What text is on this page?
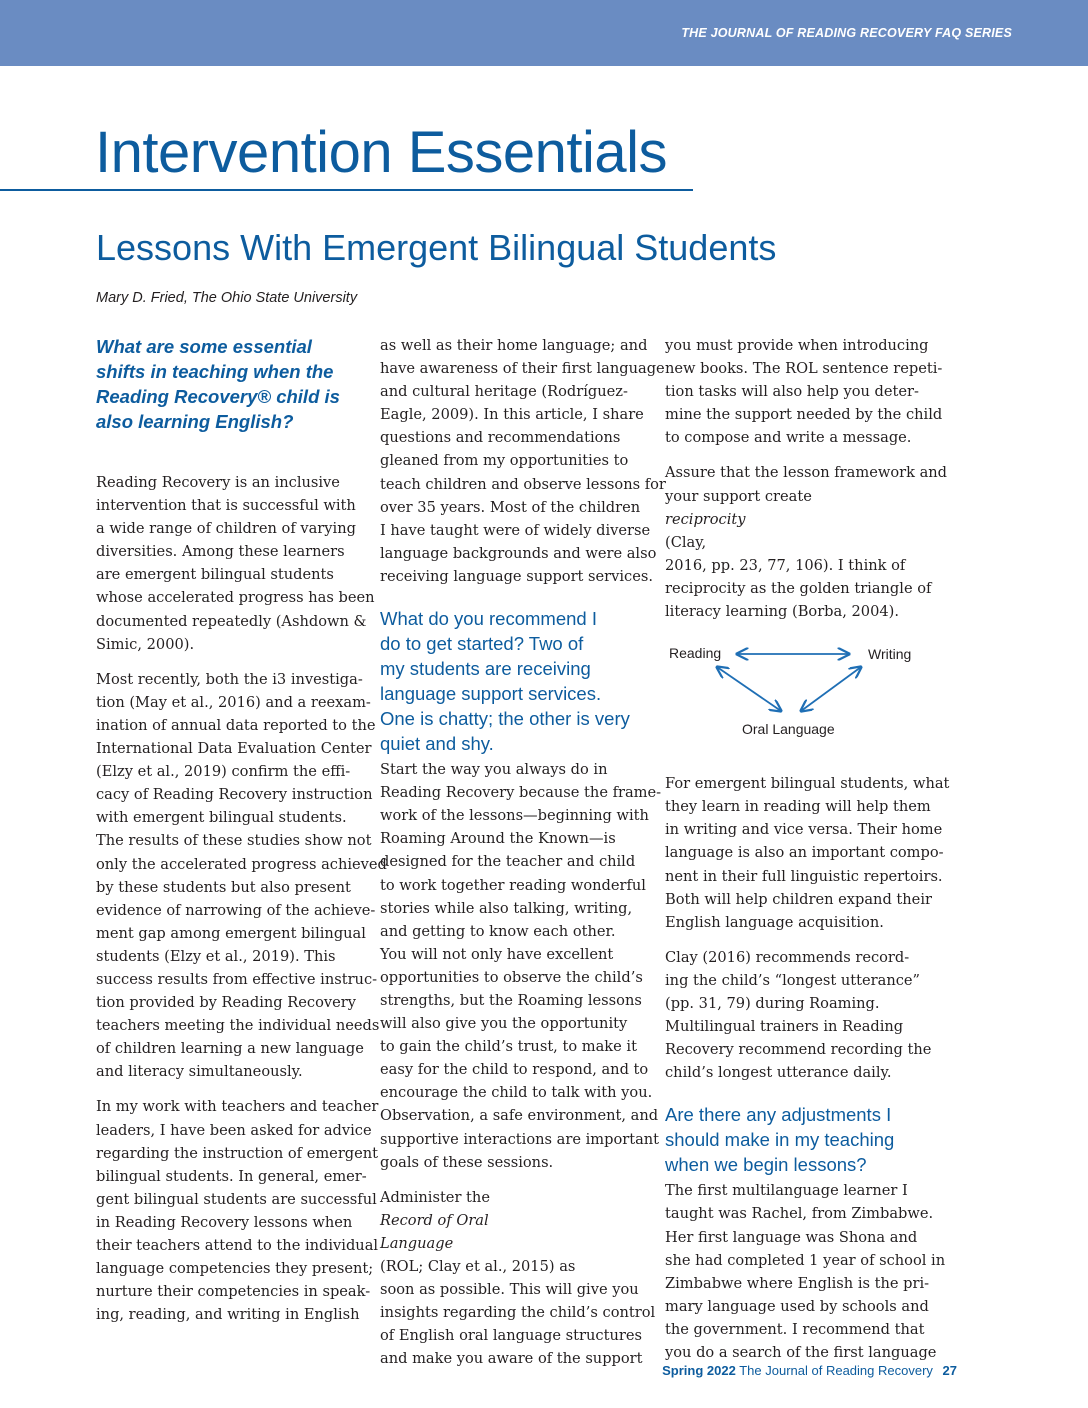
THE JOURNAL OF READING RECOVERY FAQ SERIES
Intervention Essentials
Lessons With Emergent Bilingual Students
Mary D. Fried, The Ohio State University
What are some essential
shifts in teaching when the
Reading Recovery® child is
also learning English?

Reading Recovery is an inclusive
intervention that is successful with
a wide range of children of varying
diversities. Among these learners
are emergent bilingual students
whose accelerated progress has been
documented repeatedly (Ashdown &
Simic, 2000).

Most recently, both the i3 investiga-
tion (May et al., 2016) and a reexam-
ination of annual data reported to the
International Data Evaluation Center
(Elzy et al., 2019) confirm the effi-
cacy of Reading Recovery instruction
with emergent bilingual students.
The results of these studies show not
only the accelerated progress achieved
by these students but also present
evidence of narrowing of the achieve-
ment gap among emergent bilingual
students (Elzy et al., 2019). This
success results from effective instruc-
tion provided by Reading Recovery
teachers meeting the individual needs
of children learning a new language
and literacy simultaneously.

In my work with teachers and teacher
leaders, I have been asked for advice
regarding the instruction of emergent
bilingual students. In general, emer-
gent bilingual students are successful
in Reading Recovery lessons when
their teachers attend to the individual
language competencies they present;
nurture their competencies in speak-
ing, reading, and writing in English

as well as their home language; and
have awareness of their first language
and cultural heritage (Rodríguez-
Eagle, 2009). In this article, I share
questions and recommendations
gleaned from my opportunities to
teach children and observe lessons for
over 35 years. Most of the children
I have taught were of widely diverse
language backgrounds and were also
receiving language support services.

What do you recommend I
do to get started? Two of
my students are receiving
language support services.
One is chatty; the other is very
quiet and shy.

Start the way you always do in
Reading Recovery because the frame-
work of the lessons—beginning with
Roaming Around the Known—is
designed for the teacher and child
to work together reading wonderful
stories while also talking, writing,
and getting to know each other.
You will not only have excellent
opportunities to observe the child’s
strengths, but the Roaming lessons
will also give you the opportunity
to gain the child’s trust, to make it
easy for the child to respond, and to
encourage the child to talk with you.
Observation, a safe environment, and
supportive interactions are important
goals of these sessions.

Administer the
Record of Oral
Language
(ROL; Clay et al., 2015) as
soon as possible. This will give you
insights regarding the child’s control
of English oral language structures
and make you aware of the support

you must provide when introducing
new books. The ROL sentence repeti-
tion tasks will also help you deter-
mine the support needed by the child
to compose and write a message.

Assure that the lesson framework and
your support create
reciprocity
(Clay,
2016, pp. 23, 77, 106). I think of
reciprocity as the golden triangle of
literacy learning (Borba, 2004).

Reading	Writing
Oral Language

For emergent bilingual students, what
they learn in reading will help them
in writing and vice versa. Their home
language is also an important compo-
nent in their full linguistic repertoirs.
Both will help children expand their
English language acquisition.

Clay (2016) recommends record-
ing the child’s “longest utterance”
(pp. 31, 79) during Roaming.
Multilingual trainers in Reading
Recovery recommend recording the
child’s longest utterance daily.

Are there any adjustments I
should make in my teaching
when we begin lessons?

The first multilanguage learner I
taught was Rachel, from Zimbabwe.
Her first language was Shona and
she had completed 1 year of school in
Zimbabwe where English is the pri-
mary language used by schools and
the government. I recommend that
you do a search of the first language

Spring 2022 The Journal of Reading Recovery 27
